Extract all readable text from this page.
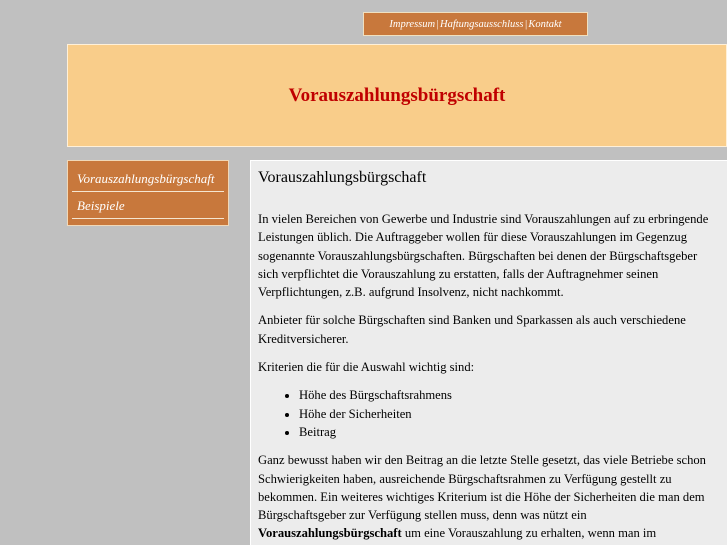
Impressum | Haftungsausschluss | Kontakt
Vorauszahlungsbürgschaft
Vorauszahlungsbürgschaft
Beispiele
Vorauszahlungsbürgschaft

In vielen Bereichen von Gewerbe und Industrie sind Vorauszahlungen auf zu erbringende Leistungen üblich. Die Auftraggeber wollen für diese Vorauszahlungen im Gegenzug sogenannte Vorauszahlungsbürgschaften. Bürgschaften bei denen der Bürgschaftsgeber sich verpflichtet die Vorauszahlung zu erstatten, falls der Auftragnehmer seinen Verpflichtungen, z.B. aufgrund Insolvenz, nicht nachkommt.

Anbieter für solche Bürgschaften sind Banken und Sparkassen als auch verschiedene Kreditversicherer.

Kriterien die für die Auswahl wichtig sind:

• Höhe des Bürgschaftsrahmens
• Höhe der Sicherheiten
• Beitrag

Ganz bewusst haben wir den Beitrag an die letzte Stelle gesetzt, das viele Betriebe schon Schwierigkeiten haben, ausreichende Bürgschaftsrahmen zu Verfügung gestellt zu bekommen. Ein weiteres wichtiges Kriterium ist die Höhe der Sicherheiten die man dem Bürgschaftsgeber zur Verfügung stellen muss, denn was nützt ein Vorauszahlungsbürgschaft um eine Vorauszahlung zu erhalten, wenn man im
